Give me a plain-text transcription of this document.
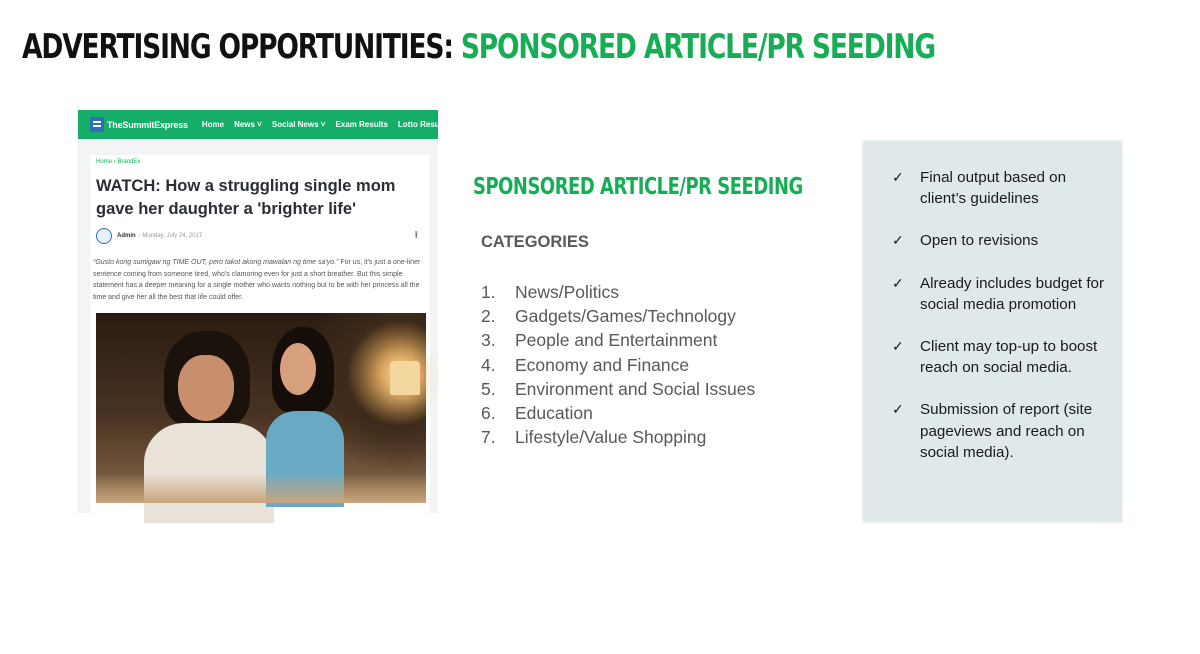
ADVERTISING OPPORTUNITIES: SPONSORED ARTICLE/PR SEEDING
TheSummitExpress Home News ˅ Social News ˅ Exam Results Lotto Results
Home › BrandEx
WATCH: How a struggling single mom gave her daughter a 'brighter life'
Admin - Monday, July 24, 2017	⭱

“Gusto kong sumigaw ng TIME OUT, pero takot akong mawalan ng time sa'yo.” For us, it's just a one-liner sentence coming from someone tired, who's clamoring even for just a short breather. But this simple statement has a deeper meaning for a single mother who wants nothing but to be with her princess all the time and give her all the best that life could offer.

SPONSORED ARTICLE/PR SEEDING
CATEGORIES
1.	News/Politics
2.	Gadgets/Games/Technology
3.	People and Entertainment
4.	Economy and Finance
5.	Environment and Social Issues
6.	Education
7.	Lifestyle/Value Shopping
✓	Final output based on client’s guidelines
✓	Open to revisions
✓	Already includes budget for social media promotion
✓	Client may top-up to boost reach on social media.
✓	Submission of report (site pageviews and reach on social media).
